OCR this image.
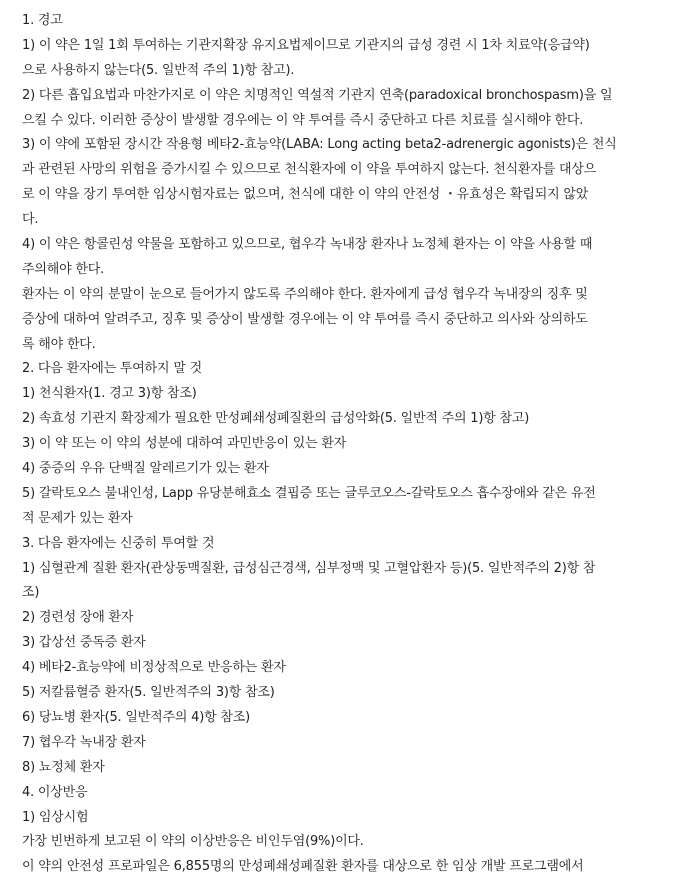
1. 경고
1) 이 약은 1일 1회 투여하는 기관지확장 유지요법제이므로 기관지의 급성 경련 시 1차 치료약(응급약)
으로 사용하지 않는다(5. 일반적 주의 1)항 참고).
2) 다른 흡입요법과 마찬가지로 이 약은 치명적인 역설적 기관지 연축(paradoxical bronchospasm)을 일
으킬 수 있다. 이러한 증상이 발생할 경우에는 이 약 투여를 즉시 중단하고 다른 치료를 실시해야 한다.
3) 이 약에 포함된 장시간 작용형 베타2-효능약(LABA: Long acting beta2-adrenergic agonists)은 천식
과 관련된 사망의 위험을 증가시킬 수 있으므로 천식환자에 이 약을 투여하지 않는다. 천식환자를 대상으
로 이 약을 장기 투여한 임상시험자료는 없으며, 천식에 대한 이 약의 안전성 ・유효성은 확립되지 않았
다.
4) 이 약은 항콜린성 약물을 포함하고 있으므로, 협우각 녹내장 환자나 뇨정체 환자는 이 약을 사용할 때
주의해야 한다.
환자는 이 약의 분말이 눈으로 들어가지 않도록 주의해야 한다. 환자에게 급성 협우각 녹내장의 징후 및
증상에 대하여 알려주고, 징후 및 증상이 발생할 경우에는 이 약 투여를 즉시 중단하고 의사와 상의하도
록 해야 한다.
2. 다음 환자에는 투여하지 말 것
1) 천식환자(1. 경고 3)항 참조)
2) 속효성 기관지 확장제가 필요한 만성폐쇄성폐질환의 급성악화(5. 일반적 주의 1)항 참고)
3) 이 약 또는 이 약의 성분에 대하여 과민반응이 있는 환자
4) 중증의 우유 단백질 알레르기가 있는 환자
5) 갈락토오스 불내인성, Lapp 유당분해효소 결핍증 또는 글루코오스-갈락토오스 흡수장애와 같은 유전
적 문제가 있는 환자
3. 다음 환자에는 신중히 투여할 것
1) 심혈관계 질환 환자(관상동맥질환, 급성심근경색, 심부정맥 및 고혈압환자 등)(5. 일반적주의 2)항 참
조)
2) 경련성 장애 환자
3) 갑상선 중독증 환자
4) 베타2-효능약에 비정상적으로 반응하는 환자
5) 저칼륨혈증 환자(5. 일반적주의 3)항 참조)
6) 당뇨병 환자(5. 일반적주의 4)항 참조)
7) 협우각 녹내장 환자
8) 뇨정체 환자
4. 이상반응
1) 임상시험
가장 빈번하게 보고된 이 약의 이상반응은 비인두염(9%)이다.
이 약의 안전성 프로파일은 6,855명의 만성폐쇄성폐질환 환자를 대상으로 한 임상 개발 프로그램에서
